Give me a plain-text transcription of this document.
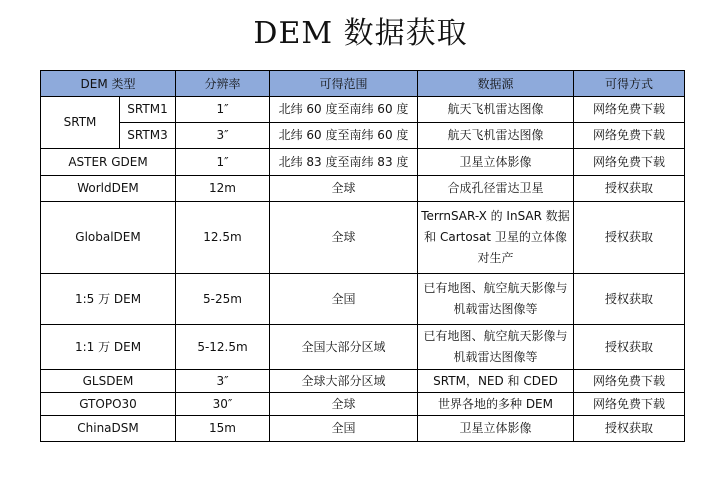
DEM 数据获取
DEM 类型		分辨率	可得范围	数据源	可得方式
SRTM	SRTM1	1″	北纬 60 度至南纬 60 度	航天飞机雷达图像	网络免费下载
	SRTM3	3″	北纬 60 度至南纬 60 度	航天飞机雷达图像	网络免费下载
ASTER GDEM		1″	北纬 83 度至南纬 83 度	卫星立体影像	网络免费下载
WorldDEM		12m	全球	合成孔径雷达卫星	授权获取
GlobalDEM		12.5m	全球	TerrnSAR-X 的 InSAR 数据和 Cartosat 卫星的立体像对生产	授权获取
1:5 万 DEM		5-25m	全国	已有地图、航空航天影像与机载雷达图像等	授权获取
1:1 万 DEM		5-12.5m	全国大部分区域	已有地图、航空航天影像与机载雷达图像等	授权获取
GLSDEM		3″	全球大部分区域	SRTM，NED 和 CDED	网络免费下载
GTOPO30		30″	全球	世界各地的多种 DEM	网络免费下载
ChinaDSM		15m	全国	卫星立体影像	授权获取
